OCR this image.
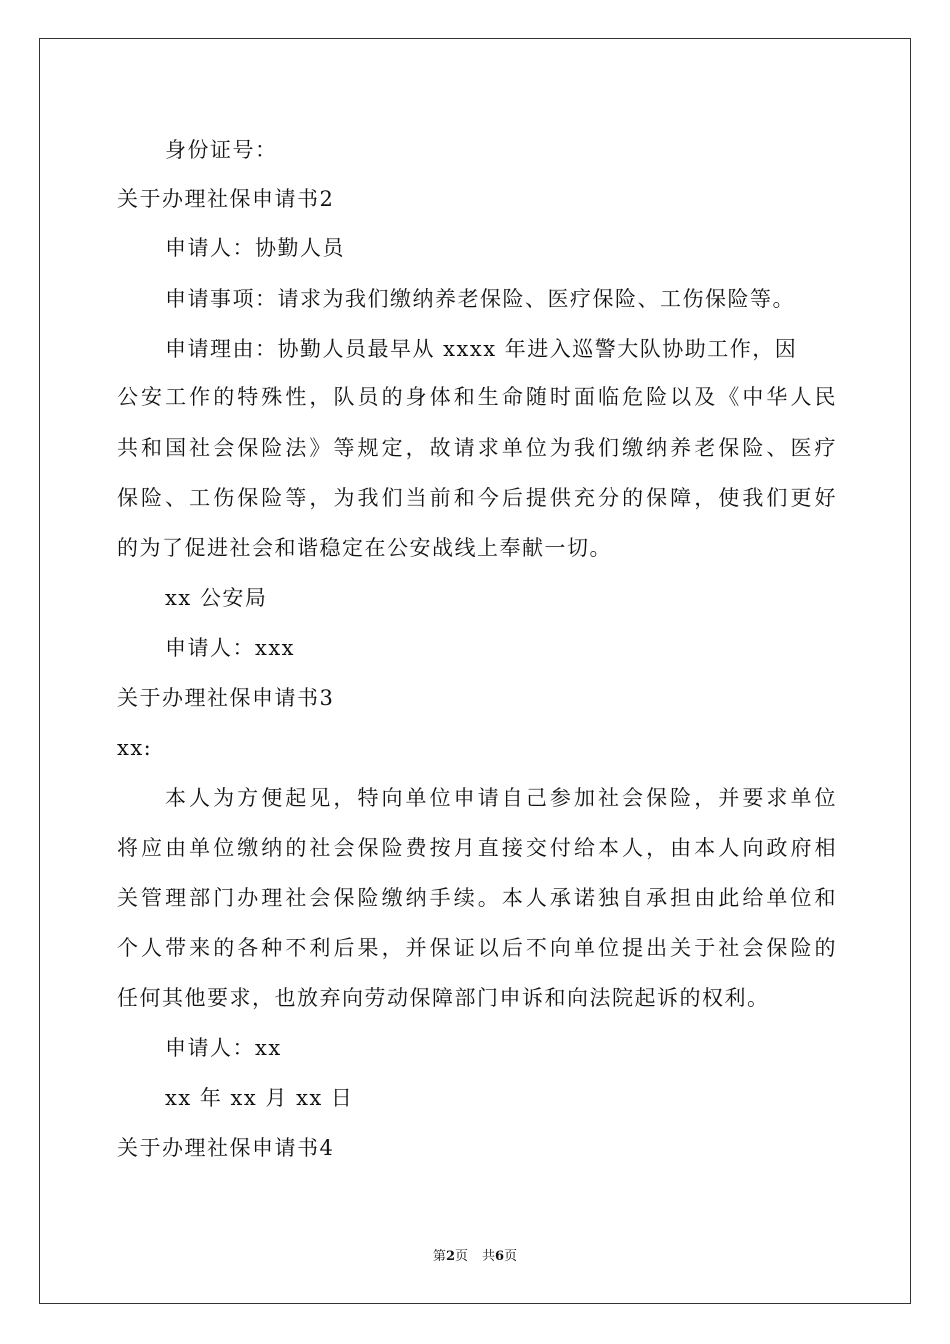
身份证号：
关于办理社保申请书2
申请人：协勤人员
申请事项：请求为我们缴纳养老保险、医疗保险、工伤保险等。
申请理由：协勤人员最早从 xxxx 年进入巡警大队协助工作，因
公安工作的特殊性，队员的身体和生命随时面临危险以及《中华人民
共和国社会保险法》等规定，故请求单位为我们缴纳养老保险、医疗
保险、工伤保险等，为我们当前和今后提供充分的保障，使我们更好
的为了促进社会和谐稳定在公安战线上奉献一切。
xx 公安局
申请人：xxx
关于办理社保申请书3
xx:
本人为方便起见，特向单位申请自己参加社会保险，并要求单位
将应由单位缴纳的社会保险费按月直接交付给本人，由本人向政府相
关管理部门办理社会保险缴纳手续。本人承诺独自承担由此给单位和
个人带来的各种不利后果，并保证以后不向单位提出关于社会保险的
任何其他要求，也放弃向劳动保障部门申诉和向法院起诉的权利。
申请人：xx
xx 年 xx 月 xx 日
关于办理社保申请书4
第2页 共6页
